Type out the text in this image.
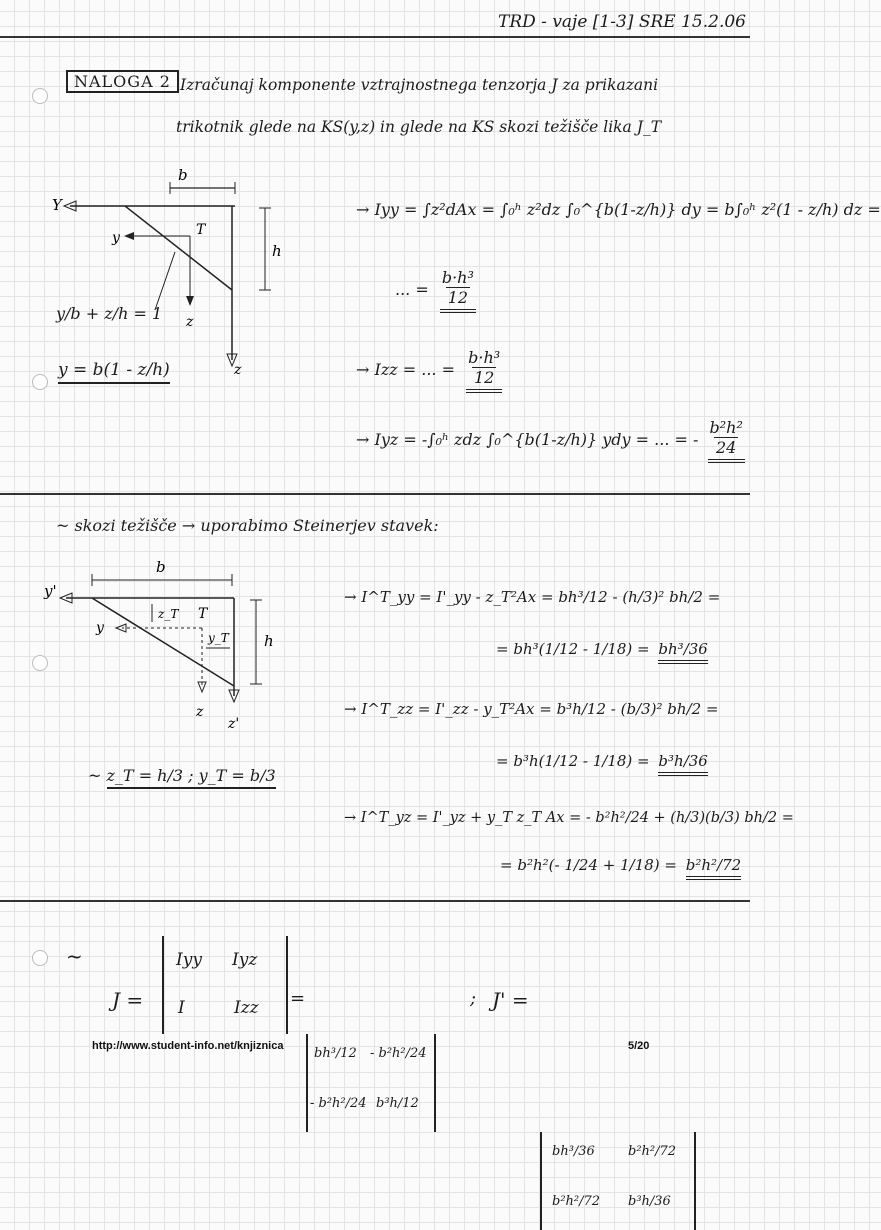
TRD - vaje [1-3] SRE 15.2.06
NALOGA 2 Izračunaj komponente vztrajnostnega tenzorja J za prikazani
trikotnik glede na KS(y,z) in glede na KS skozi težišče lika J_T
b
Y
y	T
h
z
z
y/b + z/h = 1
y = b(1 - z/h)
→ Iyy = ∫z²dAx = ∫₀ʰ z²dz ∫₀^{b(1-z/h)} dy = b∫₀ʰ z²(1 - z/h) dz =
... = $\frac{\text{b·h³}}{12}$
→ Izz = ... = $\frac{\text{b·h³}}{12}$
→ Iyz = -∫₀ʰ zdz ∫₀^{b(1-z/h)} ydy = ... = - $\frac{\text{b²h²}}{24}$
~ skozi težišče → uporabimo Steinerjev stavek:
b
y'
y
z_T T
y_T h
z
z'
~ z_T = h/3 ; y_T = b/3
→ I^T_yy = I'_yy - z_T²Ax = bh³/12 - (h/3)² bh/2 =
= bh³(1/12 - 1/18) = bh³/36
→ I^T_zz = I'_zz - y_T²Ax = b³h/12 - (b/3)² bh/2 =
= b³h(1/12 - 1/18) = b³h/36
→ I^T_yz = I'_yz + y_T z_T Ax = - b²h²/24 + (h/3)(b/3) bh/2 =
= b²h²(- 1/24 + 1/18) = b²h²/72
~
J =
Iyy Iyz
I	Izz =
bh³/12 - b²h²/24
- b²h²/24 b³h/12
; J' =
bh³/36	b²h²/72
b²h²/72 b³h/36
http://www.student-info.net/knjiznica	5/20
